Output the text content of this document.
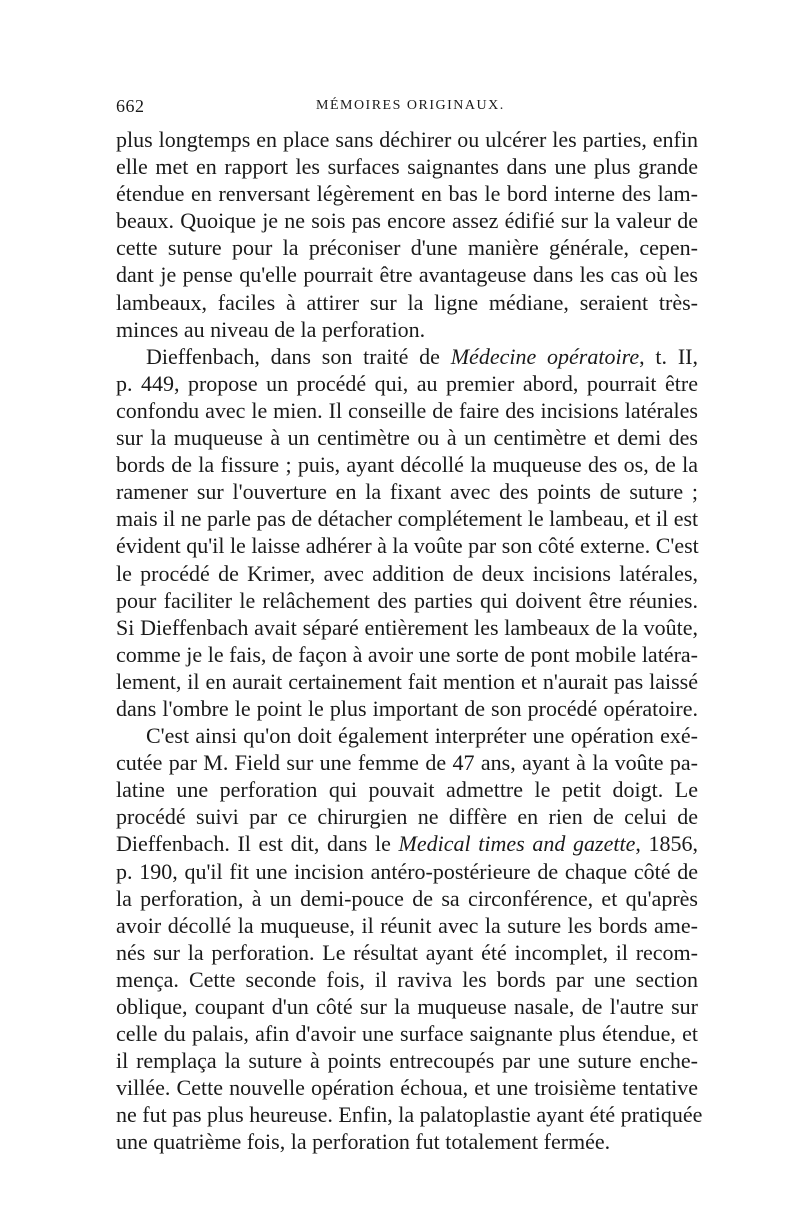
662	MÉMOIRES ORIGINAUX.
plus longtemps en place sans déchirer ou ulcérer les parties, enfin
elle met en rapport les surfaces saignantes dans une plus grande
étendue en renversant légèrement en bas le bord interne des lam-
beaux. Quoique je ne sois pas encore assez édifié sur la valeur de
cette suture pour la préconiser d'une manière générale, cepen-
dant je pense qu'elle pourrait être avantageuse dans les cas où les
lambeaux, faciles à attirer sur la ligne médiane, seraient très-
minces au niveau de la perforation.
Dieffenbach, dans son traité de Médecine opératoire, t. II,
p. 449, propose un procédé qui, au premier abord, pourrait être
confondu avec le mien. Il conseille de faire des incisions latérales
sur la muqueuse à un centimètre ou à un centimètre et demi des
bords de la fissure ; puis, ayant décollé la muqueuse des os, de la
ramener sur l'ouverture en la fixant avec des points de suture ;
mais il ne parle pas de détacher complétement le lambeau, et il est
évident qu'il le laisse adhérer à la voûte par son côté externe. C'est
le procédé de Krimer, avec addition de deux incisions latérales,
pour faciliter le relâchement des parties qui doivent être réunies.
Si Dieffenbach avait séparé entièrement les lambeaux de la voûte,
comme je le fais, de façon à avoir une sorte de pont mobile latéra-
lement, il en aurait certainement fait mention et n'aurait pas laissé
dans l'ombre le point le plus important de son procédé opératoire.
C'est ainsi qu'on doit également interpréter une opération exé-
cutée par M. Field sur une femme de 47 ans, ayant à la voûte pa-
latine une perforation qui pouvait admettre le petit doigt. Le
procédé suivi par ce chirurgien ne diffère en rien de celui de
Dieffenbach. Il est dit, dans le Medical times and gazette, 1856,
p. 190, qu'il fit une incision antéro-postérieure de chaque côté de
la perforation, à un demi-pouce de sa circonférence, et qu'après
avoir décollé la muqueuse, il réunit avec la suture les bords ame-
nés sur la perforation. Le résultat ayant été incomplet, il recom-
mença. Cette seconde fois, il raviva les bords par une section
oblique, coupant d'un côté sur la muqueuse nasale, de l'autre sur
celle du palais, afin d'avoir une surface saignante plus étendue, et
il remplaça la suture à points entrecoupés par une suture enche-
villée. Cette nouvelle opération échoua, et une troisième tentative
ne fut pas plus heureuse. Enfin, la palatoplastie ayant été pratiquée
une quatrième fois, la perforation fut totalement fermée.
